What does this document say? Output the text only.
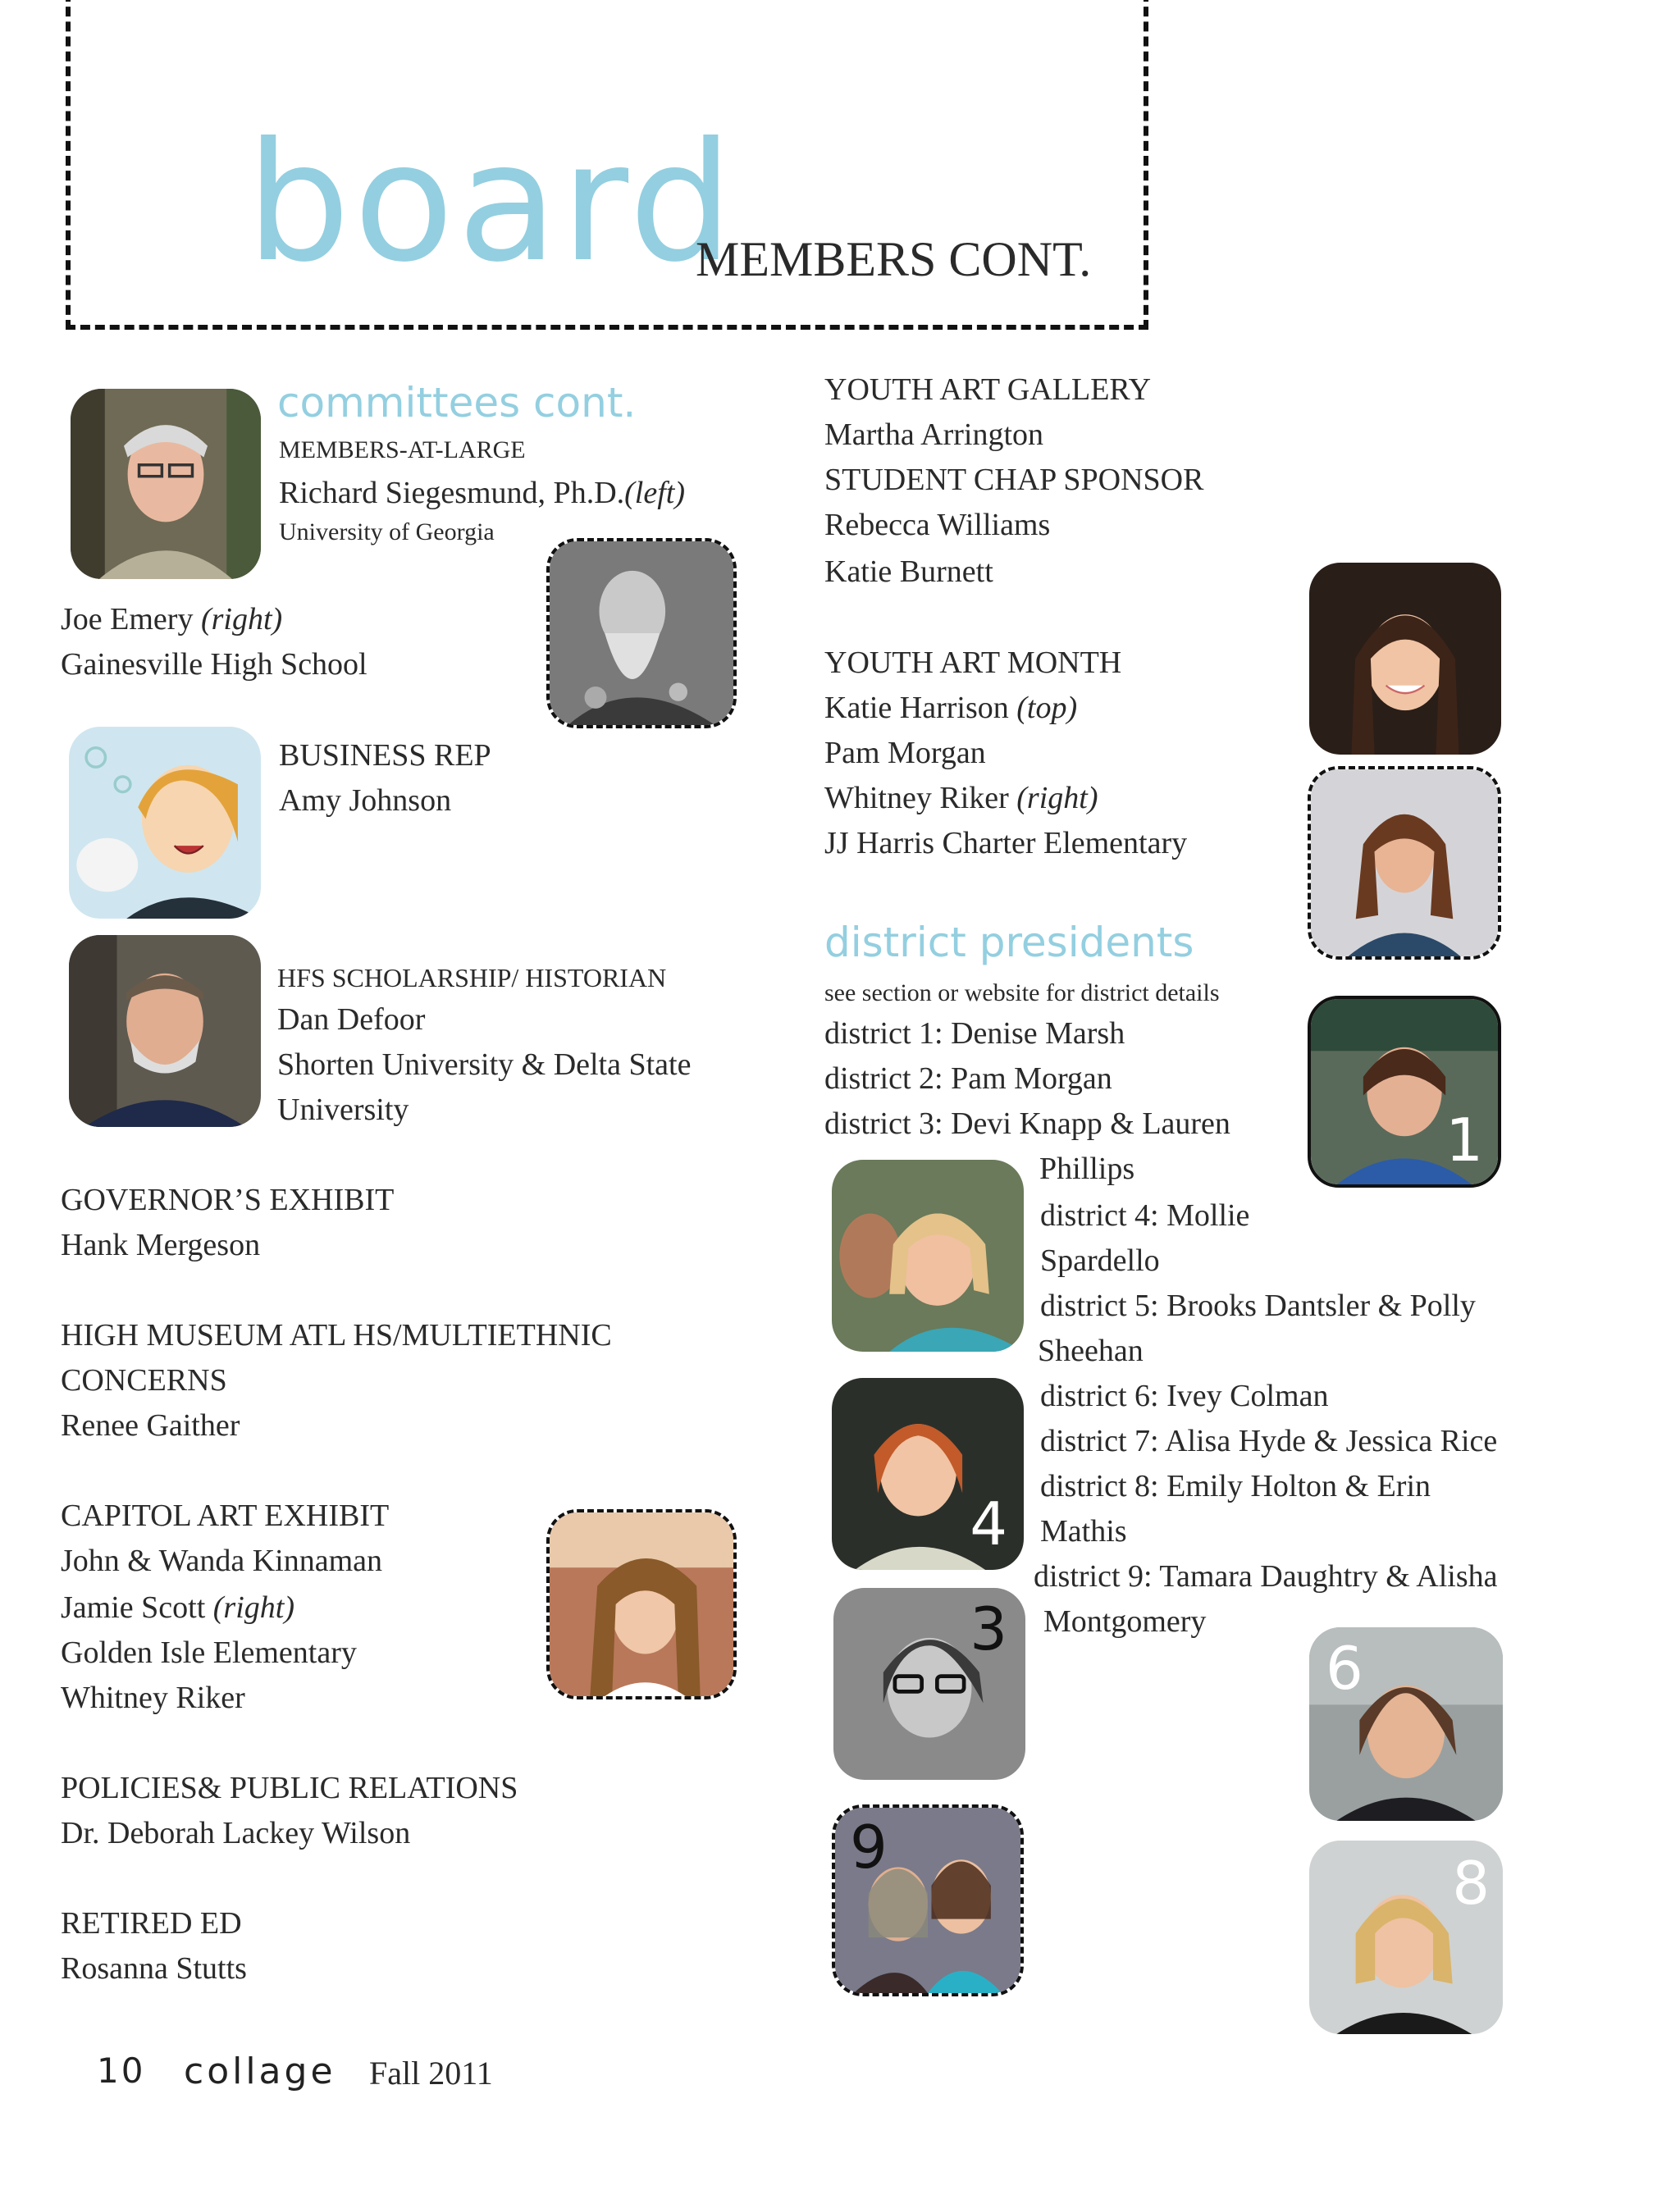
board
MEMBERS CONT.
committees cont.
MEMBERS-AT-LARGE
Richard Siegesmund, Ph.D.(left)
University of Georgia
Joe Emery (right)
Gainesville High School
BUSINESS REP
Amy Johnson
HFS SCHOLARSHIP/ HISTORIAN
Dan Defoor
Shorten University & Delta State
University
GOVERNOR’S EXHIBIT
Hank Mergeson
HIGH MUSEUM ATL HS/MULTIETHNIC
CONCERNS
Renee Gaither
CAPITOL ART EXHIBIT
John & Wanda Kinnaman
Jamie Scott (right)
Golden Isle Elementary
Whitney Riker
POLICIES& PUBLIC RELATIONS
Dr. Deborah Lackey Wilson
RETIRED ED
Rosanna Stutts
YOUTH ART GALLERY
Martha Arrington
STUDENT CHAP SPONSOR
Rebecca Williams
Katie Burnett
YOUTH ART MONTH
Katie Harrison (top)
Pam Morgan
Whitney Riker (right)
JJ Harris Charter Elementary
district presidents
see section or website for district details
district 1: Denise Marsh
district 2: Pam Morgan
district 3: Devi Knapp & Lauren
Phillips
district 4: Mollie
Spardello
district 5: Brooks Dantsler & Polly
Sheehan
district 6: Ivey Colman
district 7: Alisa Hyde & Jessica Rice
district 8: Emily Holton & Erin
Mathis
district 9: Tamara Daughtry & Alisha
Montgomery
1
4
3
9
6
8
10 collage Fall 2011
